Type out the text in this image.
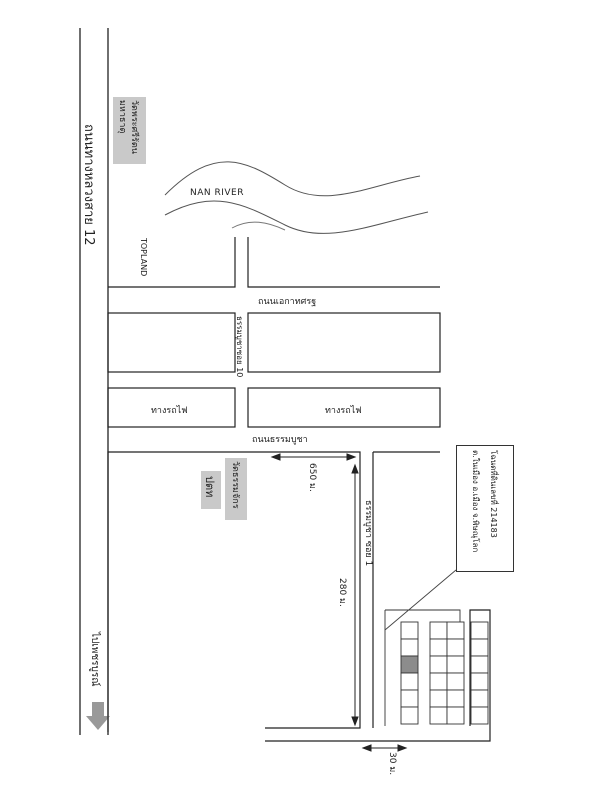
ถนนทางหลวงสาย 12
ไปเพชรบูรณ์
วัดพระศรีรัตนมหาธาตุ
TOPLAND
NAN RIVER
ถนนเอกาทศรฐ
ธรรมบูชาซอย 10
ทางรถไฟ	ทางรถไฟ
ถนนธรรมบูชา
วัดธรรมจักร
ปตท	650 ม.
ธรรมบูชา ซอย 1
280 ม.
30 ม.
โฉนดที่ดินเลขที่ 214183
ต.ในเมือง อ.เมือง จ.พิษณุโลก
